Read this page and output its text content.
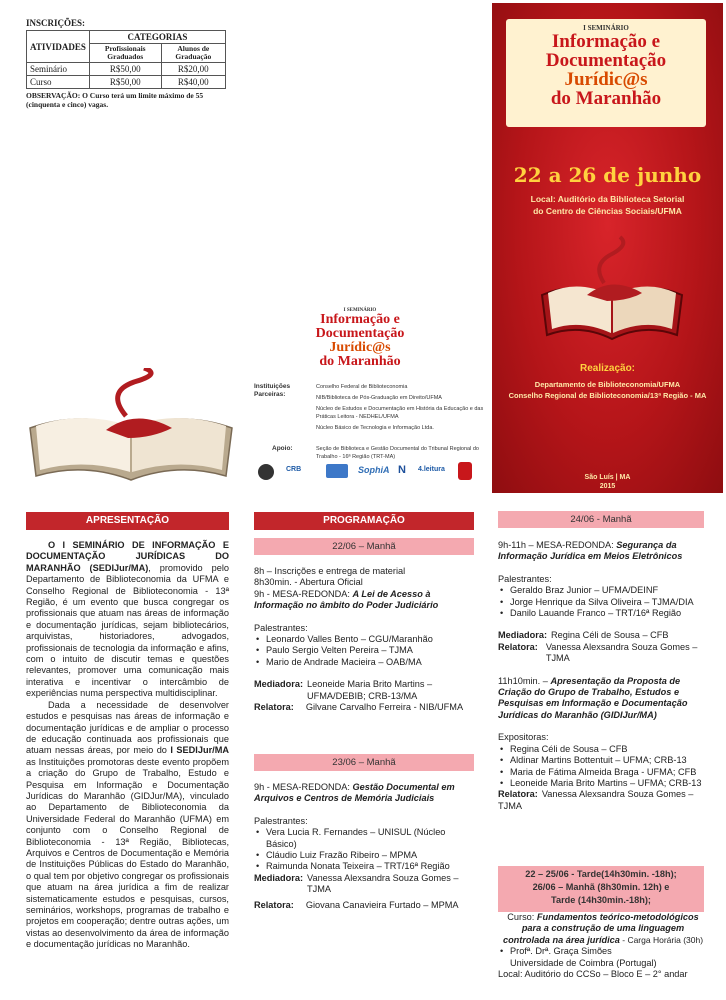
INSCRIÇÕES:
ATIVIDADES	CATEGORIAS	
	Profissionais Graduados	Alunos de Graduação
Seminário	R$50,00	R$20,00
Curso	R$50,00	R$40,00
OBSERVAÇÃO: O Curso terá um limite máximo de 55 (cinquenta e cinco) vagas.
I SEMINÁRIO
Informação e
Documentação
Jurídic@s
do Maranhão
22 a 26 de junho
Local: Auditório da Biblioteca Setorial
do Centro de Ciências Sociais/UFMA
Realização:
Departamento de Biblioteconomia/UFMA
Conselho Regional de Biblioteconomia/13ª Região - MA
São Luís | MA
2015
I SEMINÁRIO
Informação e
Documentação
Jurídic@s
do Maranhão
Instituições Parceiras:
Conselho Federal de Biblioteconomia
NIB/Biblioteca de Pós-Graduação em Direito/UFMA
Núcleo de Estudos e Documentação em História da Educação e das Práticas Leitora - NEDHEL/UFMA
Núcleo Básico de Tecnologia e Informação Ltda.
Apoio:	Seção de Biblioteca e Gestão Documental do Tribunal Regional do Trabalho - 16ª Região (TRT-MA)
CRB	SophiA N 4.leitura
APRESENTAÇÃO

O I SEMINÁRIO DE INFORMAÇÃO E DOCUMENTAÇÃO JURÍDICAS DO MARANHÃO (SEDIJur/MA), promovido pelo Departamento de Biblioteconomia da UFMA e Conselho Regional de Biblioteconomia - 13ª Região, é um evento que busca congregar os profissionais que atuam nas áreas de informação e documentação jurídicas, sejam bibliotecários, arquivistas, historiadores, advogados, profissionais de tecnologia da informação e afins, com o intuito de discutir temas e questões relevantes, promover uma comunicação mais interativa e incentivar o intercâmbio de experiências numa perspectiva multidisciplinar.

Dada a necessidade de desenvolver estudos e pesquisas nas áreas de informação e documentação jurídicas e de ampliar o processo de educação continuada aos profissionais que atuam nessas áreas, por meio do I SEDIJur/MA as Instituições promotoras deste evento propõem a criação do Grupo de Trabalho, Estudo e Pesquisa em Informação e Documentação Jurídicas do Maranhão (GIDJur/MA), vinculado ao Departamento de Biblioteconomia da Universidade Federal do Maranhão (UFMA) em conjunto com o Conselho Regional de Biblioteconomia - 13ª Região, Bibliotecas, Arquivos e Centros de Documentação e Memória de Instituições Públicas do Estado do Maranhão, o qual tem por objetivo congregar os profissionais que atuam na área jurídica a fim de realizar sistematicamente estudos e pesquisas, cursos, seminários, workshops, programas de trabalho e projetos em cooperação; dentre outras ações, um vistas ao desenvolvimento da área de informação e documentação jurídicas no Maranhão.

PROGRAMAÇÃO
22/06 – Manhã
8h – Inscrições e entrega de material
8h30min. - Abertura Oficial
9h - MESA-REDONDA: A Lei de Acesso à Informação no âmbito do Poder Judiciário
Palestrantes:
• Leonardo Valles Bento – CGU/Maranhão
• Paulo Sergio Velten Pereira – TJMA
• Mario de Andrade Macieira – OAB/MA
Mediadora: Leoneide Maria Brito Martins – UFMA/DEBIB; CRB-13/MA
Relatora: Gilvane Carvalho Ferreira - NIB/UFMA
23/06 – Manhã
9h - MESA-REDONDA: Gestão Documental em Arquivos e Centros de Memória Judiciais
Palestrantes:
• Vera Lucia R. Fernandes – UNISUL (Núcleo Básico)
• Cláudio Luiz Frazão Ribeiro – MPMA
• Raimunda Nonata Teixeira – TRT/16ª Região
Mediadora: Vanessa Alexsandra Souza Gomes – TJMA
Relatora: Giovana Canavieira Furtado – MPMA
24/06 - Manhã
9h-11h – MESA-REDONDA: Segurança da Informação Jurídica em Meios Eletrônicos
Palestrantes:
• Geraldo Braz Junior – UFMA/DEINF
• Jorge Henrique da Silva Oliveira – TJMA/DIA
• Danilo Lauande Franco – TRT/16ª Região
Mediadora: Regina Céli de Sousa – CFB
Relatora: Vanessa Alexsandra Souza Gomes – TJMA
11h10min. – Apresentação da Proposta de Criação do Grupo de Trabalho, Estudos e Pesquisas em Informação e Documentação Jurídicas do Maranhão (GIDIJur/MA)
Expositoras:
• Regina Céli de Sousa – CFB
• Aldinar Martins Bottentuit – UFMA; CRB-13
• Maria de Fátima Almeida Braga - UFMA; CFB
• Leoneide Maria Brito Martins – UFMA; CRB-13
Relatora: Vanessa Alexsandra Souza Gomes – TJMA
22 – 25/06 - Tarde(14h30min. -18h);
26/06 – Manhã (8h30min. 12h) e
Tarde (14h30min.-18h);
Curso: Fundamentos teórico-metodológicos para a construção de uma linguagem controlada na área jurídica - Carga Horária (30h)
• Profª. Drª. Graça Simões
Universidade de Coimbra (Portugal)
Local: Auditório do CCSo – Bloco E – 2° andar
